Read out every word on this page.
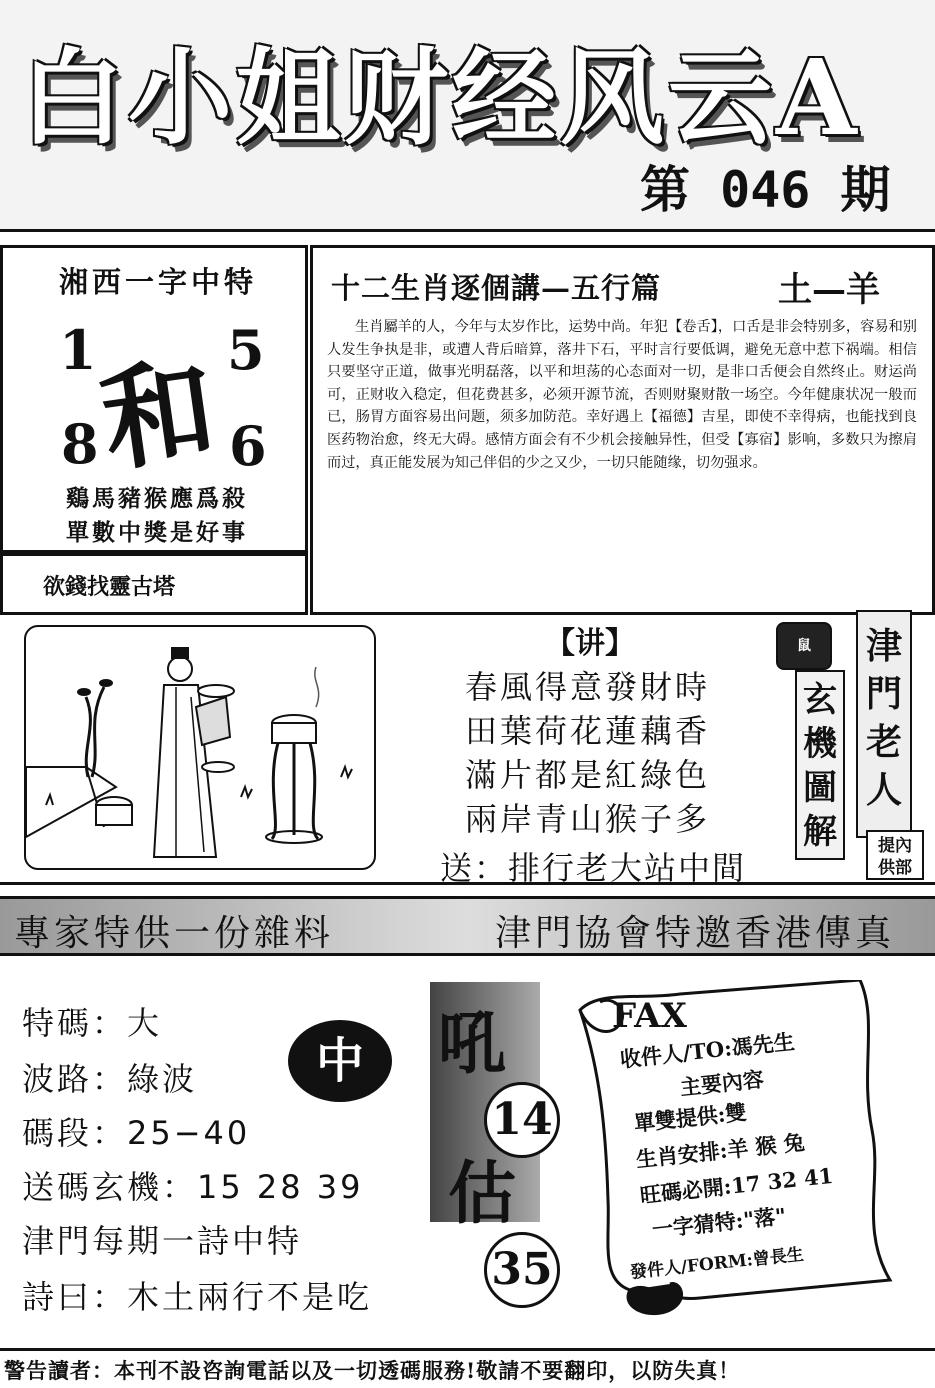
白小姐财经风云A
第 046 期
湘西一字中特
1 5
8 6
和
鷄馬豬猴應爲殺
單數中獎是好事
欲錢找靈古塔
十二生肖逐個講—五行篇	土—羊
生肖屬羊的人，今年与太岁作比，运势中尚。年犯【卷舌】，口舌是非会特别多，容易和别人发生争执是非，或遭人背后暗算，落井下石，平时言行要低调，避免无意中惹下祸端。相信只要坚守正道，做事光明磊落，以平和坦荡的心态面对一切，是非口舌便会自然终止。财运尚可，正财收入稳定，但花费甚多，必须开源节流，否则财聚财散一场空。今年健康状况一般而已，肠胃方面容易出问题，须多加防范。幸好遇上【福德】吉星，即使不幸得病，也能找到良医药物治愈，终无大碍。感情方面会有不少机会接触异性，但受【寡宿】影响，多数只为擦肩而过，真正能发展为知己伴侣的少之又少，一切只能随缘，切勿强求。
【讲】
春風得意發財時
田葉荷花蓮藕香
滿片都是紅綠色
兩岸青山猴子多
送：排行老大站中間
鼠
玄
機
圖
解
津
門
老
人
提內
供部
專家特供一份雜料	津門協會特邀香港傳真
特碼：大
波路：綠波
碼段：25−40
送碼玄機：15 28 39
津門每期一詩中特
詩曰：木土兩行不是吃
中	吼
14
估
35
FAX
收件人/TO:馮先生
主要內容
單雙提供:雙
生肖安排:羊 猴 兔
旺碼必開:17 32 41
一字猜特:"落"
發件人/FORM:曾長生
警告讀者：本刊不設咨詢電話以及一切透碼服務!敬請不要翻印，以防失真！
